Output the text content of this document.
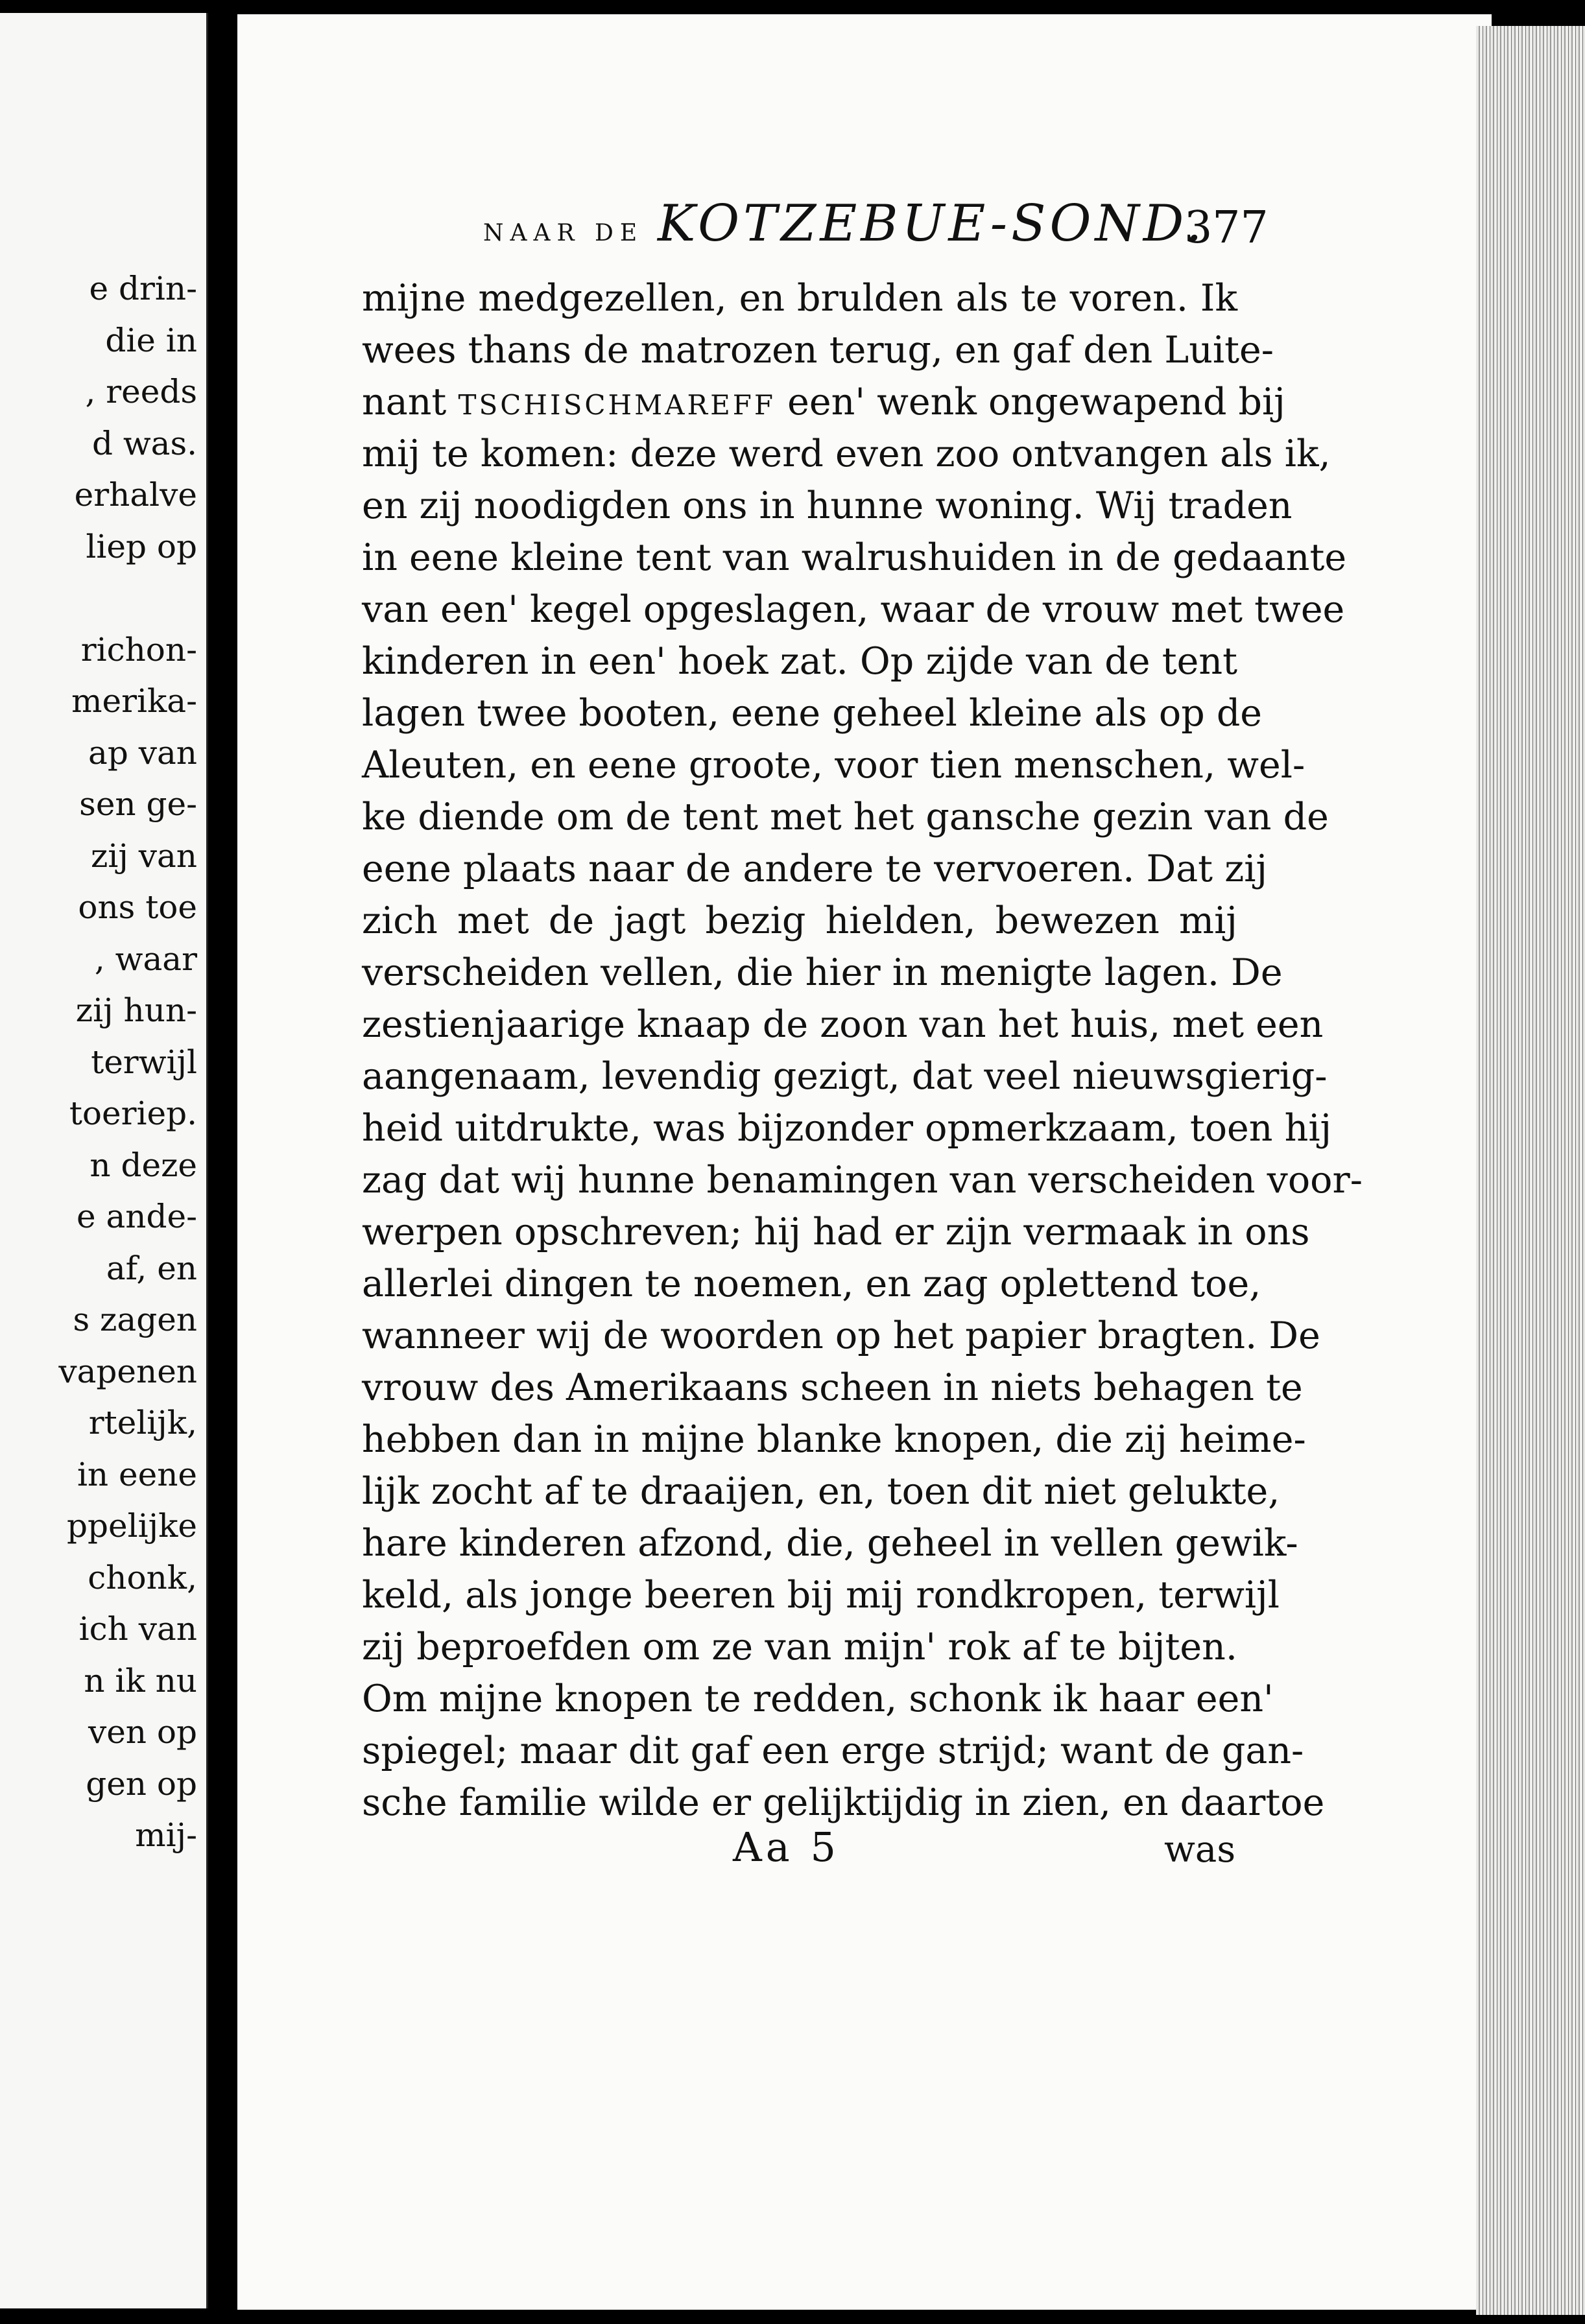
e drin-
die in
, reeds
d was.
erhalve
liep op
richon-
merika-
ap van
sen ge-
zij van
ons toe
, waar
zij hun-
terwijl
toeriep.
n deze
e ande-
af, en
s zagen
vapenen
rtelijk,
in eene
ppelijke
chonk,
ich van
n ik nu
ven op
gen op
mij-
NAAR DE KOTZEBUE-SOND.
377
mijne medgezellen, en brulden als te voren. Ik
wees thans de matrozen terug, en gaf den Luite-
nant TSCHISCHMAREFF een' wenk ongewapend bij
mij te komen: deze werd even zoo ontvangen als ik,
en zij noodigden ons in hunne woning. Wij traden
in eene kleine tent van walrushuiden in de gedaante
van een' kegel opgeslagen, waar de vrouw met twee
kinderen in een' hoek zat. Op zijde van de tent
lagen twee booten, eene geheel kleine als op de
Aleuten, en eene groote, voor tien menschen, wel-
ke diende om de tent met het gansche gezin van de
eene plaats naar de andere te vervoeren. Dat zij
zich met de jagt bezig hielden, bewezen mij
verscheiden vellen, die hier in menigte lagen. De
zestienjaarige knaap de zoon van het huis, met een
aangenaam, levendig gezigt, dat veel nieuwsgierig-
heid uitdrukte, was bijzonder opmerkzaam, toen hij
zag dat wij hunne benamingen van verscheiden voor-
werpen opschreven; hij had er zijn vermaak in ons
allerlei dingen te noemen, en zag oplettend toe,
wanneer wij de woorden op het papier bragten. De
vrouw des Amerikaans scheen in niets behagen te
hebben dan in mijne blanke knopen, die zij heime-
lijk zocht af te draaijen, en, toen dit niet gelukte,
hare kinderen afzond, die, geheel in vellen gewik-
keld, als jonge beeren bij mij rondkropen, terwijl
zij beproefden om ze van mijn' rok af te bijten.
Om mijne knopen te redden, schonk ik haar een'
spiegel; maar dit gaf een erge strijd; want de gan-
sche familie wilde er gelijktijdig in zien, en daartoe
Aa 5	was
